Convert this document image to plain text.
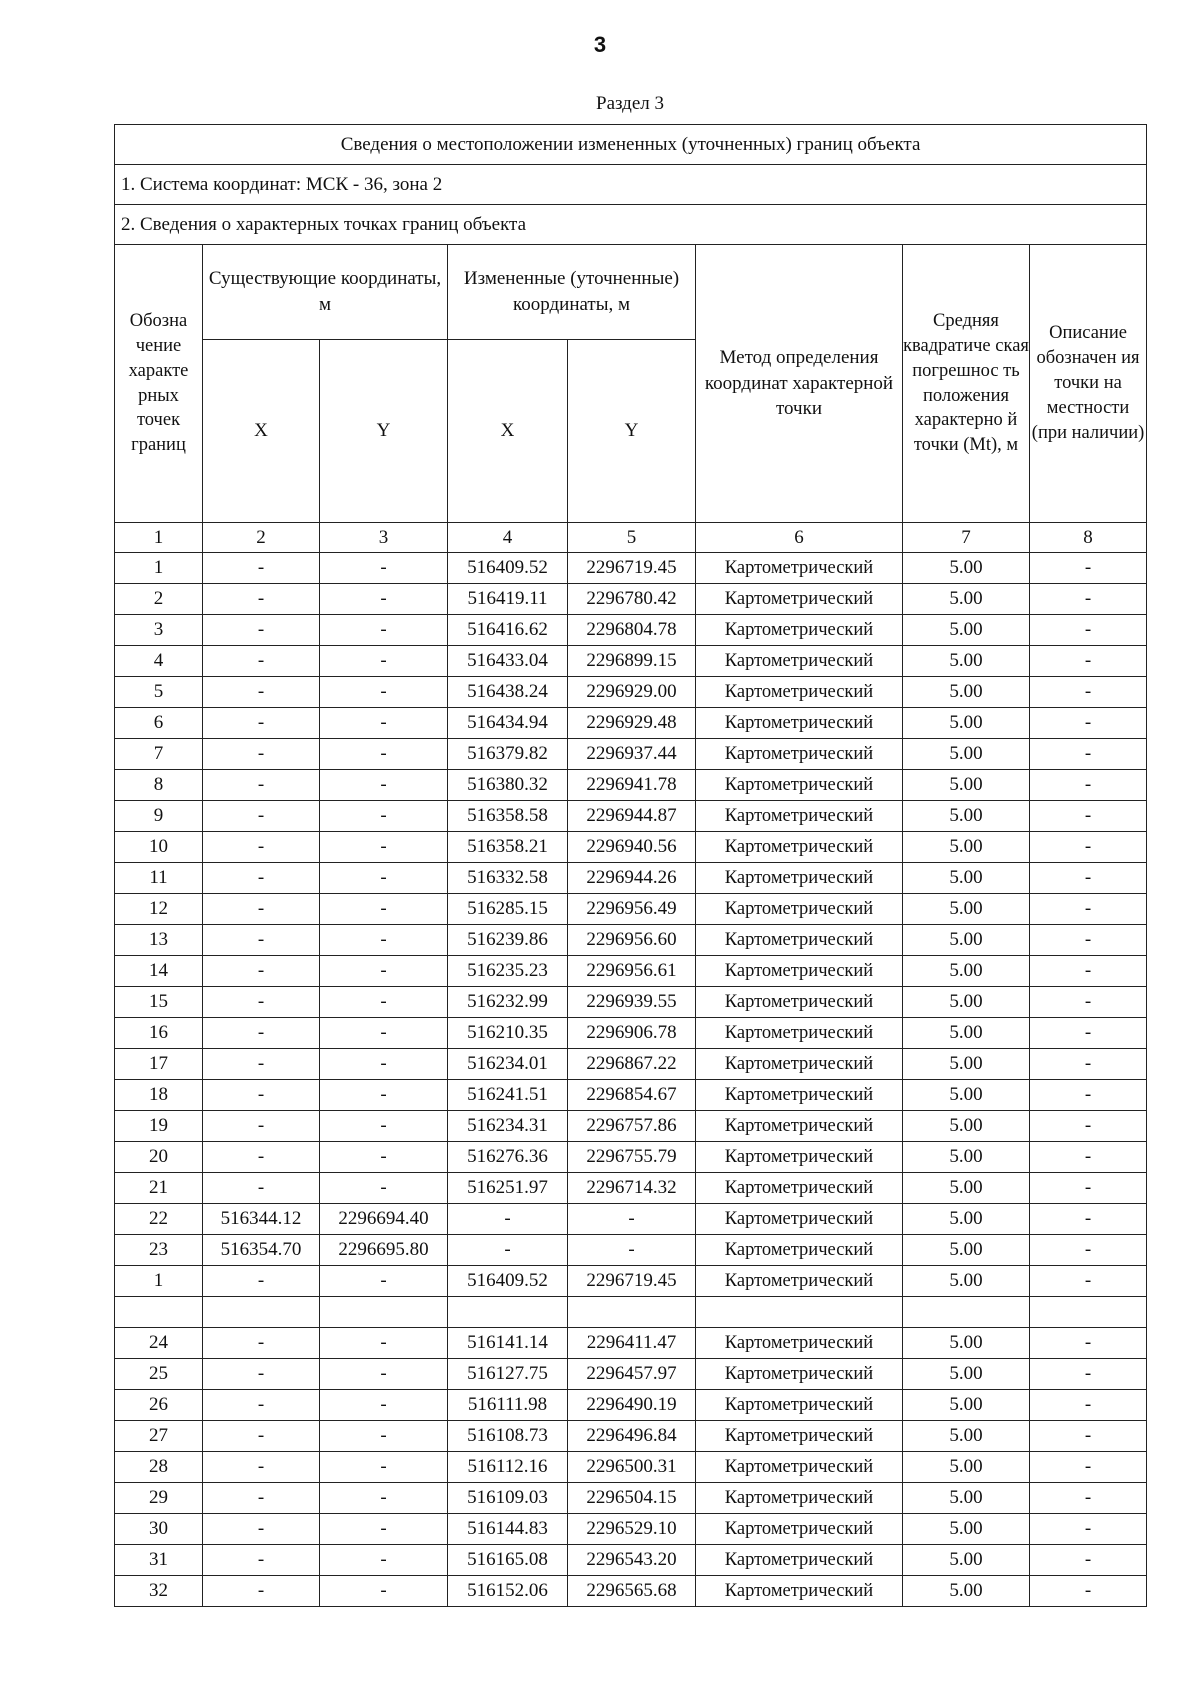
3
Раздел 3
Сведения о местоположении измененных (уточненных) границ объекта							
1. Система координат: МСК - 36, зона 2							
2. Сведения о характерных точках границ объекта							
Обозна чение характе рных точек границ	Существующие координаты, м		Измененные (уточненные) координаты, м		Метод определения координат характерной точки	Средняя квадратиче ская погрешнос ть положения характерно й точки (Mt), м	Описание обозначен ия точки на местности (при наличии)
	X	Y	X	Y			
1	2	3	4	5	6	7	8
1	-	-	516409.52	2296719.45	Картометрический	5.00	-
2	-	-	516419.11	2296780.42	Картометрический	5.00	-
3	-	-	516416.62	2296804.78	Картометрический	5.00	-
4	-	-	516433.04	2296899.15	Картометрический	5.00	-
5	-	-	516438.24	2296929.00	Картометрический	5.00	-
6	-	-	516434.94	2296929.48	Картометрический	5.00	-
7	-	-	516379.82	2296937.44	Картометрический	5.00	-
8	-	-	516380.32	2296941.78	Картометрический	5.00	-
9	-	-	516358.58	2296944.87	Картометрический	5.00	-
10	-	-	516358.21	2296940.56	Картометрический	5.00	-
11	-	-	516332.58	2296944.26	Картометрический	5.00	-
12	-	-	516285.15	2296956.49	Картометрический	5.00	-
13	-	-	516239.86	2296956.60	Картометрический	5.00	-
14	-	-	516235.23	2296956.61	Картометрический	5.00	-
15	-	-	516232.99	2296939.55	Картометрический	5.00	-
16	-	-	516210.35	2296906.78	Картометрический	5.00	-
17	-	-	516234.01	2296867.22	Картометрический	5.00	-
18	-	-	516241.51	2296854.67	Картометрический	5.00	-
19	-	-	516234.31	2296757.86	Картометрический	5.00	-
20	-	-	516276.36	2296755.79	Картометрический	5.00	-
21	-	-	516251.97	2296714.32	Картометрический	5.00	-
22	516344.12	2296694.40	-	-	Картометрический	5.00	-
23	516354.70	2296695.80	-	-	Картометрический	5.00	-
1	-	-	516409.52	2296719.45	Картометрический	5.00	-

24	-	-	516141.14	2296411.47	Картометрический	5.00	-
25	-	-	516127.75	2296457.97	Картометрический	5.00	-
26	-	-	516111.98	2296490.19	Картометрический	5.00	-
27	-	-	516108.73	2296496.84	Картометрический	5.00	-
28	-	-	516112.16	2296500.31	Картометрический	5.00	-
29	-	-	516109.03	2296504.15	Картометрический	5.00	-
30	-	-	516144.83	2296529.10	Картометрический	5.00	-
31	-	-	516165.08	2296543.20	Картометрический	5.00	-
32	-	-	516152.06	2296565.68	Картометрический	5.00	-
